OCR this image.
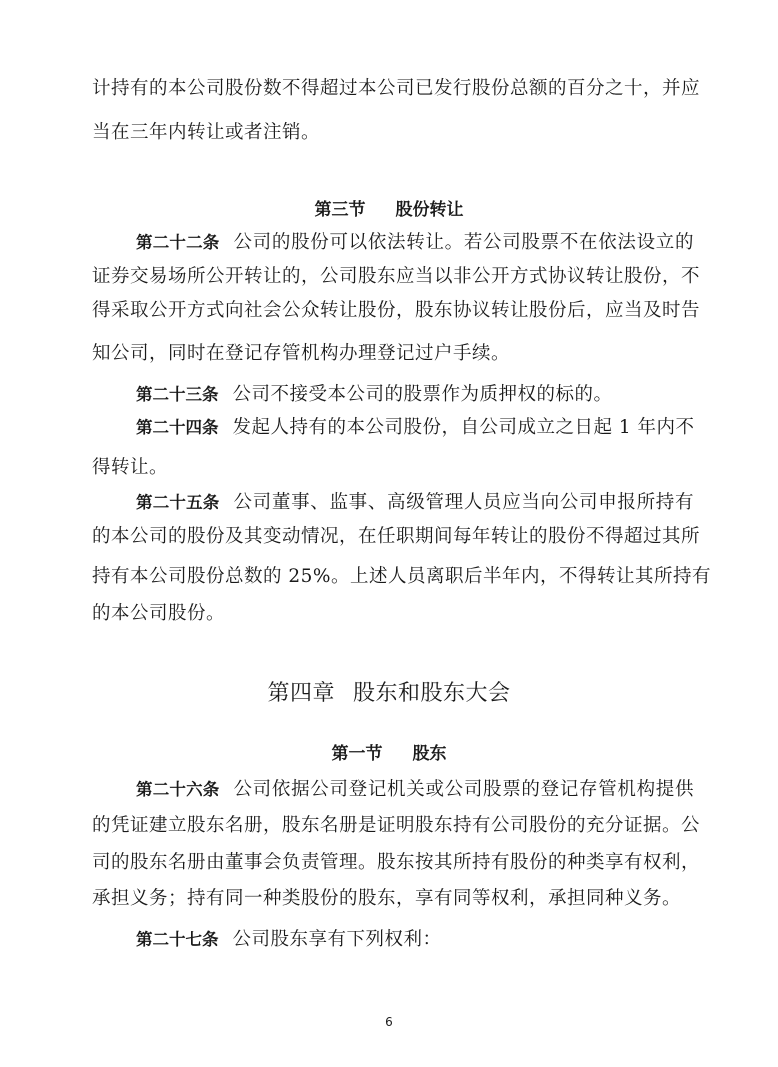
计持有的本公司股份数不得超过本公司已发行股份总额的百分之十，并应
当在三年内转让或者注销。
第三节 股份转让
第二十二条 公司的股份可以依法转让。若公司股票不在依法设立的
证券交易场所公开转让的，公司股东应当以非公开方式协议转让股份，不
得采取公开方式向社会公众转让股份，股东协议转让股份后，应当及时告
知公司，同时在登记存管机构办理登记过户手续。
第二十三条 公司不接受本公司的股票作为质押权的标的。
第二十四条 发起人持有的本公司股份，自公司成立之日起 1 年内不
得转让。
第二十五条 公司董事、监事、高级管理人员应当向公司申报所持有
的本公司的股份及其变动情况，在任职期间每年转让的股份不得超过其所
持有本公司股份总数的 25%。上述人员离职后半年内，不得转让其所持有
的本公司股份。
第四章 股东和股东大会
第一节 股东
第二十六条 公司依据公司登记机关或公司股票的登记存管机构提供
的凭证建立股东名册，股东名册是证明股东持有公司股份的充分证据。公
司的股东名册由董事会负责管理。股东按其所持有股份的种类享有权利，
承担义务；持有同一种类股份的股东，享有同等权利，承担同种义务。
第二十七条 公司股东享有下列权利：
6
